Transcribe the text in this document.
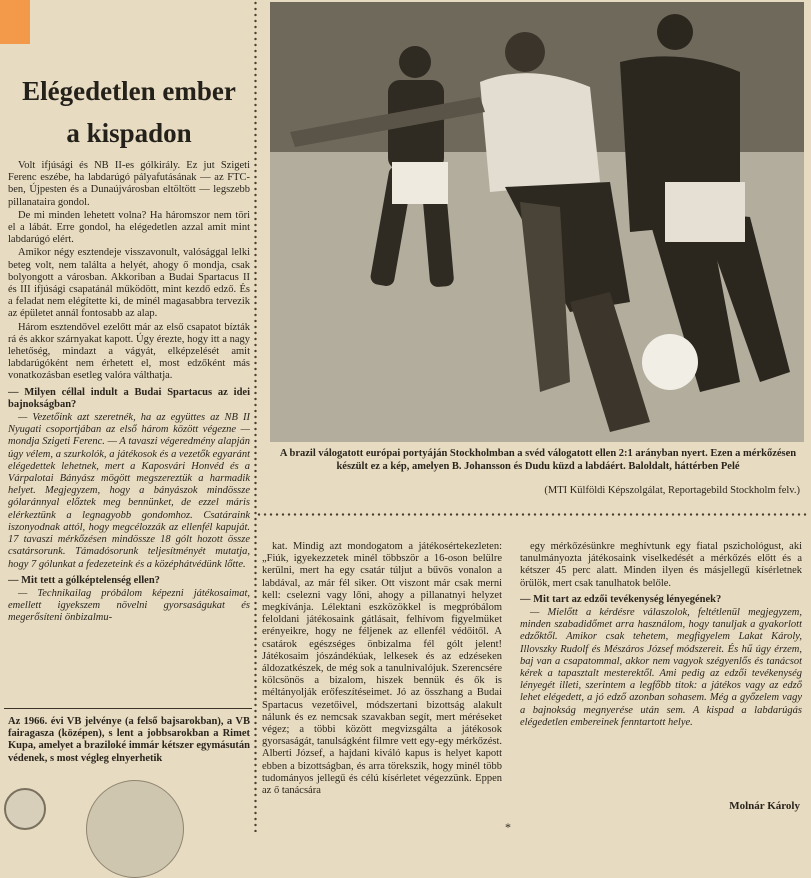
Elégedetlen ember
a kispadon

Volt ifjúsági és NB II-es gólkirály. Ez jut Szigeti Ferenc eszébe, ha labdarúgó pályafutásának — az FTC-ben, Újpesten és a Dunaújvárosban eltöltött — legszebb pillanataira gondol.

De mi minden lehetett volna? Ha háromszor nem töri el a lábát. Erre gondol, ha elégedetlen azzal amit mint labdarúgó elért.

Amikor négy esztendeje visszavonult, valósággal lelki beteg volt, nem találta a helyét, ahogy ő mondja, csak bolyongott a városban. Akkoriban a Budai Spartacus II és III ifjúsági csapatánál működött, mint kezdő edző. És a feladat nem elégítette ki, de minél magasabbra tervezik az épületet annál fontosabb az alap.

Három esztendővel ezelőtt már az első csapatot bízták rá és akkor szárnyakat kapott. Úgy érezte, hogy itt a nagy lehetőség, mindazt a vágyát, elképzelését amit labdarúgóként nem érhetett el, most edzőként más vonatkozásban esetleg valóra válthatja.

— Milyen céllal indult a Budai Spartacus az idei bajnokságban?

— Vezetőink azt szeretnék, ha az együttes az NB II Nyugati csoportjában az első három között végezne — mondja Szigeti Ferenc. — A tavaszi végeredmény alapján úgy vélem, a szurkolók, a játékosok és a vezetők egyaránt elégedettek lehetnek, mert a Kaposvári Honvéd és a Várpalotai Bányász mögött megszereztük a harmadik helyet. Megjegyzem, hogy a bányászok mindössze gólaránnyal előztek meg bennünket, de ezzel máris elérkeztünk a legnagyobb gondomhoz. Csatáraink iszonyodnak attól, hogy megcélozzák az ellenfél kapuját. 17 tavaszi mérkőzésen mindössze 18 gólt hozott össze csatársorunk. Támadósorunk teljesítményét mutatja, hogy 7 gólunkat a fedezeteink és a középhátvédünk lőtte.

— Mit tett a gólképtelenség ellen?

— Technikailag próbálom képezni játékosaimat, emellett igyekszem növelni gyorsaságukat és megerősíteni önbizalmu-

A brazil válogatott európai portyáján Stockholmban a svéd válogatott ellen 2:1 arányban nyert. Ezen a mérkőzésen készült ez a kép, amelyen B. Johansson és Dudu küzd a labdáért. Baloldalt, háttérben Pelé

(MTI Külföldi Képszolgálat, Reportagebild Stockholm felv.)

kat. Mindig azt mondogatom a játékosértekezleten: „Fiúk, igyekezzetek minél többször a 16-oson belülre kerülni, mert ha egy csatár túljut a bűvös vonalon a labdával, az már fél siker. Ott viszont már csak merni kell: cselezni vagy lőni, ahogy a pillanatnyi helyzet megkívánja. Lélektani eszközökkel is megpróbálom feloldani játékosaink gátlásait, felhívom figyelmüket erényeikre, hogy ne féljenek az ellenfél védőitől. A csatárok egészséges önbizalma fél gólt jelent! Játékosaim jószándékúak, lelkesek és az edzéseken áldozatkészek, de még sok a tanulnivalójuk. Szerencsére kölcsönös a bizalom, hiszek bennük és ők is méltányolják erőfeszítéseimet. Jó az összhang a Budai Spartacus vezetőivel, módszertani bizottság alakult nálunk és ez nemcsak szavakban segít, mert méréseket végez; a többi között megvizsgálta a játékosok gyorsaságát, tanulságként filmre vett egy-egy mérkőzést. Alberti József, a hajdani kiváló kapus is helyet kapott ebben a bizottságban, és arra törekszik, hogy minél több tudományos jellegű és célú kísérletet végezzünk. Eppen az ő tanácsára

egy mérkőzésünkre meghívtunk egy fiatal pszichológust, aki tanulmányozta játékosaink viselkedését a mérkőzés előtt és a kétszer 45 perc alatt. Minden ilyen és másjellegű kísérletnek örülök, mert csak tanulhatok belőle.

— Mit tart az edzői tevékenység lényegének?

— Mielőtt a kérdésre válaszolok, feltétlenül megjegyzem, minden szabadidőmet arra használom, hogy tanuljak a gyakorlott edzőktől. Amikor csak tehetem, megfigyelem Lakat Károly, Illovszky Rudolf és Mészáros József módszereit. És hű úgy érzem, baj van a csapatommal, akkor nem vagyok szégyenlős és tanácsot kérek a tapasztalt mesterektől. Ami pedig az edzői tevékenység lényegét illeti, szerintem a legfőbb titok: a játékos vagy az edző lehet elégedett, a jó edző azonban sohasem. Még a győzelem vagy a bajnokság megnyerése után sem. A kispad a labdarúgás elégedetlen embereinek fenntartott helye.

Az 1966. évi VB jelvénye (a felső bajsarokban), a VB fairagasza (középen), s lent a jobbsarokban a Rimet Kupa, amelyet a braziloké immár kétszer egymásután védenek, s most végleg elnyerhetik

Molnár Károly

*
